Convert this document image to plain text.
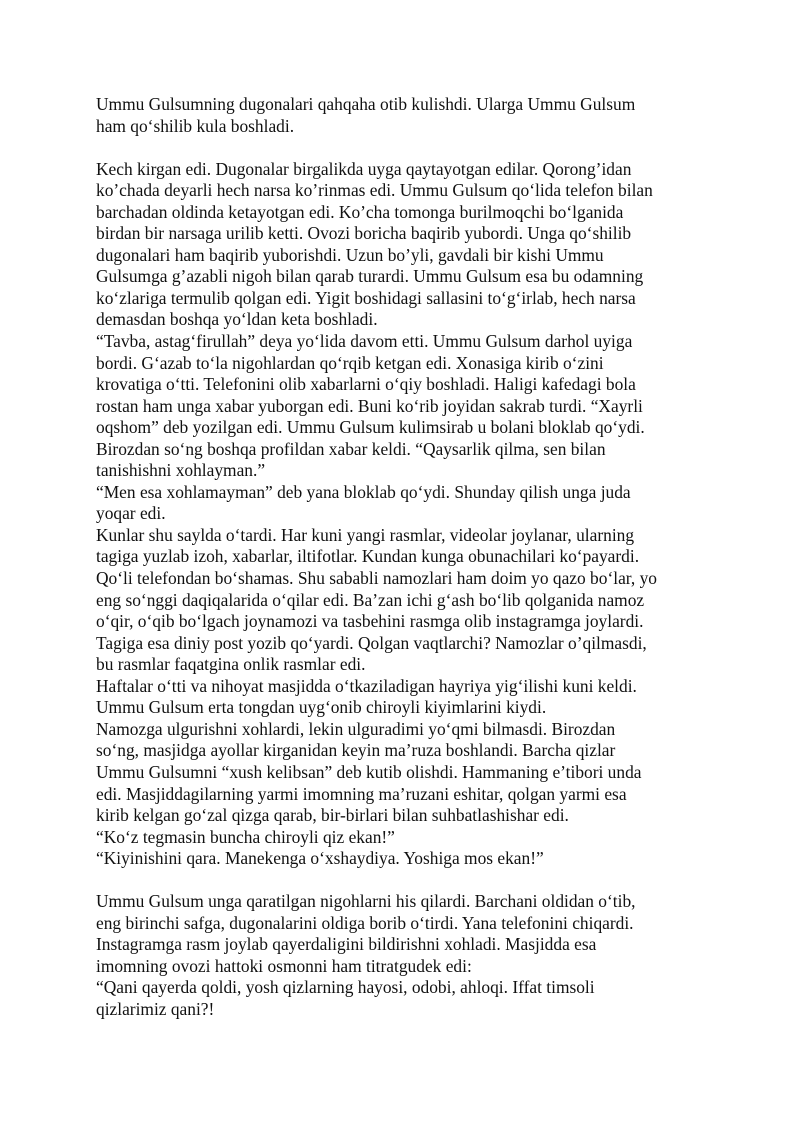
Ummu Gulsumning dugonalari qahqaha otib kulishdi. Ularga Ummu Gulsum
ham qo‘shilib kula boshladi.

Kech kirgan edi. Dugonalar birgalikda uyga qaytayotgan edilar. Qorong’idan
ko’chada deyarli hech narsa ko’rinmas edi. Ummu Gulsum qo‘lida telefon bilan
barchadan oldinda ketayotgan edi. Ko’cha tomonga burilmoqchi bo‘lganida
birdan bir narsaga urilib ketti. Ovozi boricha baqirib yubordi. Unga qo‘shilib
dugonalari ham baqirib yuborishdi. Uzun bo’yli, gavdali bir kishi Ummu
Gulsumga g’azabli nigoh bilan qarab turardi. Ummu Gulsum esa bu odamning
ko‘zlariga termulib qolgan edi. Yigit boshidagi sallasini to‘g‘irlab, hech narsa
demasdan boshqa yo‘ldan keta boshladi.

“Tavba, astag‘firullah” deya yo‘lida davom etti. Ummu Gulsum darhol uyiga
bordi. G‘azab to‘la nigohlardan qo‘rqib ketgan edi. Xonasiga kirib o‘zini
krovatiga o‘tti. Telefonini olib xabarlarni o‘qiy boshladi. Haligi kafedagi bola
rostan ham unga xabar yuborgan edi. Buni ko‘rib joyidan sakrab turdi. “Xayrli
oqshom” deb yozilgan edi. Ummu Gulsum kulimsirab u bolani bloklab qo‘ydi.
Birozdan so‘ng boshqa profildan xabar keldi. “Qaysarlik qilma, sen bilan
tanishishni xohlayman.”

“Men esa xohlamayman” deb yana bloklab qo‘ydi. Shunday qilish unga juda
yoqar edi.

Kunlar shu saylda o‘tardi. Har kuni yangi rasmlar, videolar joylanar, ularning
tagiga yuzlab izoh, xabarlar, iltifotlar. Kundan kunga obunachilari ko‘payardi.
Qo‘li telefondan bo‘shamas. Shu sababli namozlari ham doim yo qazo bo‘lar, yo
eng so‘nggi daqiqalarida o‘qilar edi. Ba’zan ichi g‘ash bo‘lib qolganida namoz
o‘qir, o‘qib bo‘lgach joynamozi va tasbehini rasmga olib instagramga joylardi.
Tagiga esa diniy post yozib qo‘yardi. Qolgan vaqtlarchi? Namozlar o’qilmasdi,
bu rasmlar faqatgina onlik rasmlar edi.

Haftalar o‘tti va nihoyat masjidda o‘tkaziladigan hayriya yig‘ilishi kuni keldi.
Ummu Gulsum erta tongdan uyg‘onib chiroyli kiyimlarini kiydi.

Namozga ulgurishni xohlardi, lekin ulguradimi yo‘qmi bilmasdi. Birozdan
so‘ng, masjidga ayollar kirganidan keyin ma’ruza boshlandi. Barcha qizlar
Ummu Gulsumni “xush kelibsan” deb kutib olishdi. Hammaning e’tibori unda
edi. Masjiddagilarning yarmi imomning ma’ruzani eshitar, qolgan yarmi esa
kirib kelgan go‘zal qizga qarab, bir-birlari bilan suhbatlashishar edi.

“Ko‘z tegmasin buncha chiroyli qiz ekan!”

“Kiyinishini qara. Manekenga o‘xshaydiya. Yoshiga mos ekan!”

Ummu Gulsum unga qaratilgan nigohlarni his qilardi. Barchani oldidan o‘tib,
eng birinchi safga, dugonalarini oldiga borib o‘tirdi. Yana telefonini chiqardi.
Instagramga rasm joylab qayerdaligini bildirishni xohladi. Masjidda esa
imomning ovozi hattoki osmonni ham titratgudek edi:

“Qani qayerda qoldi, yosh qizlarning hayosi, odobi, ahloqi. Iffat timsoli
qizlarimiz qani?!
